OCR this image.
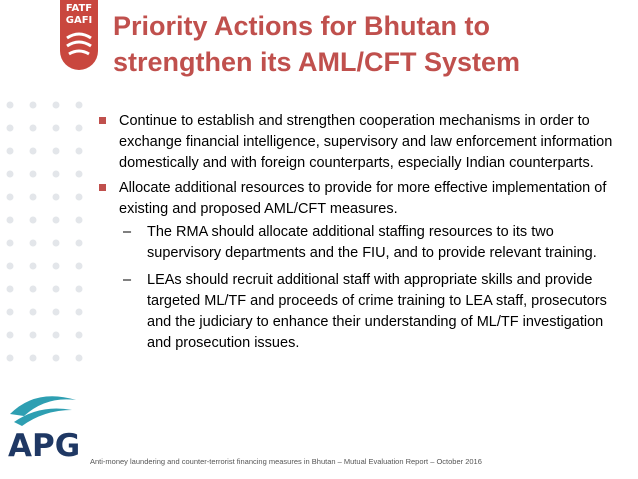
FATF
GAFI
APG
Priority Actions for Bhutan to
strengthen its AML/CFT System
Continue to establish and strengthen cooperation mechanisms in order to exchange financial intelligence, supervisory and law enforcement information domestically and with foreign counterparts, especially Indian counterparts.
Allocate additional resources to provide for more effective implementation of existing and proposed AML/CFT measures.
– The RMA should allocate additional staffing resources to its two supervisory departments and the FIU, and to provide relevant training.
– LEAs should recruit additional staff with appropriate skills and provide targeted ML/TF and proceeds of crime training to LEA staff, prosecutors and the judiciary to enhance their understanding of ML/TF investigation and prosecution issues.
Anti-money laundering and counter-terrorist financing measures in Bhutan – Mutual Evaluation Report – October 2016
